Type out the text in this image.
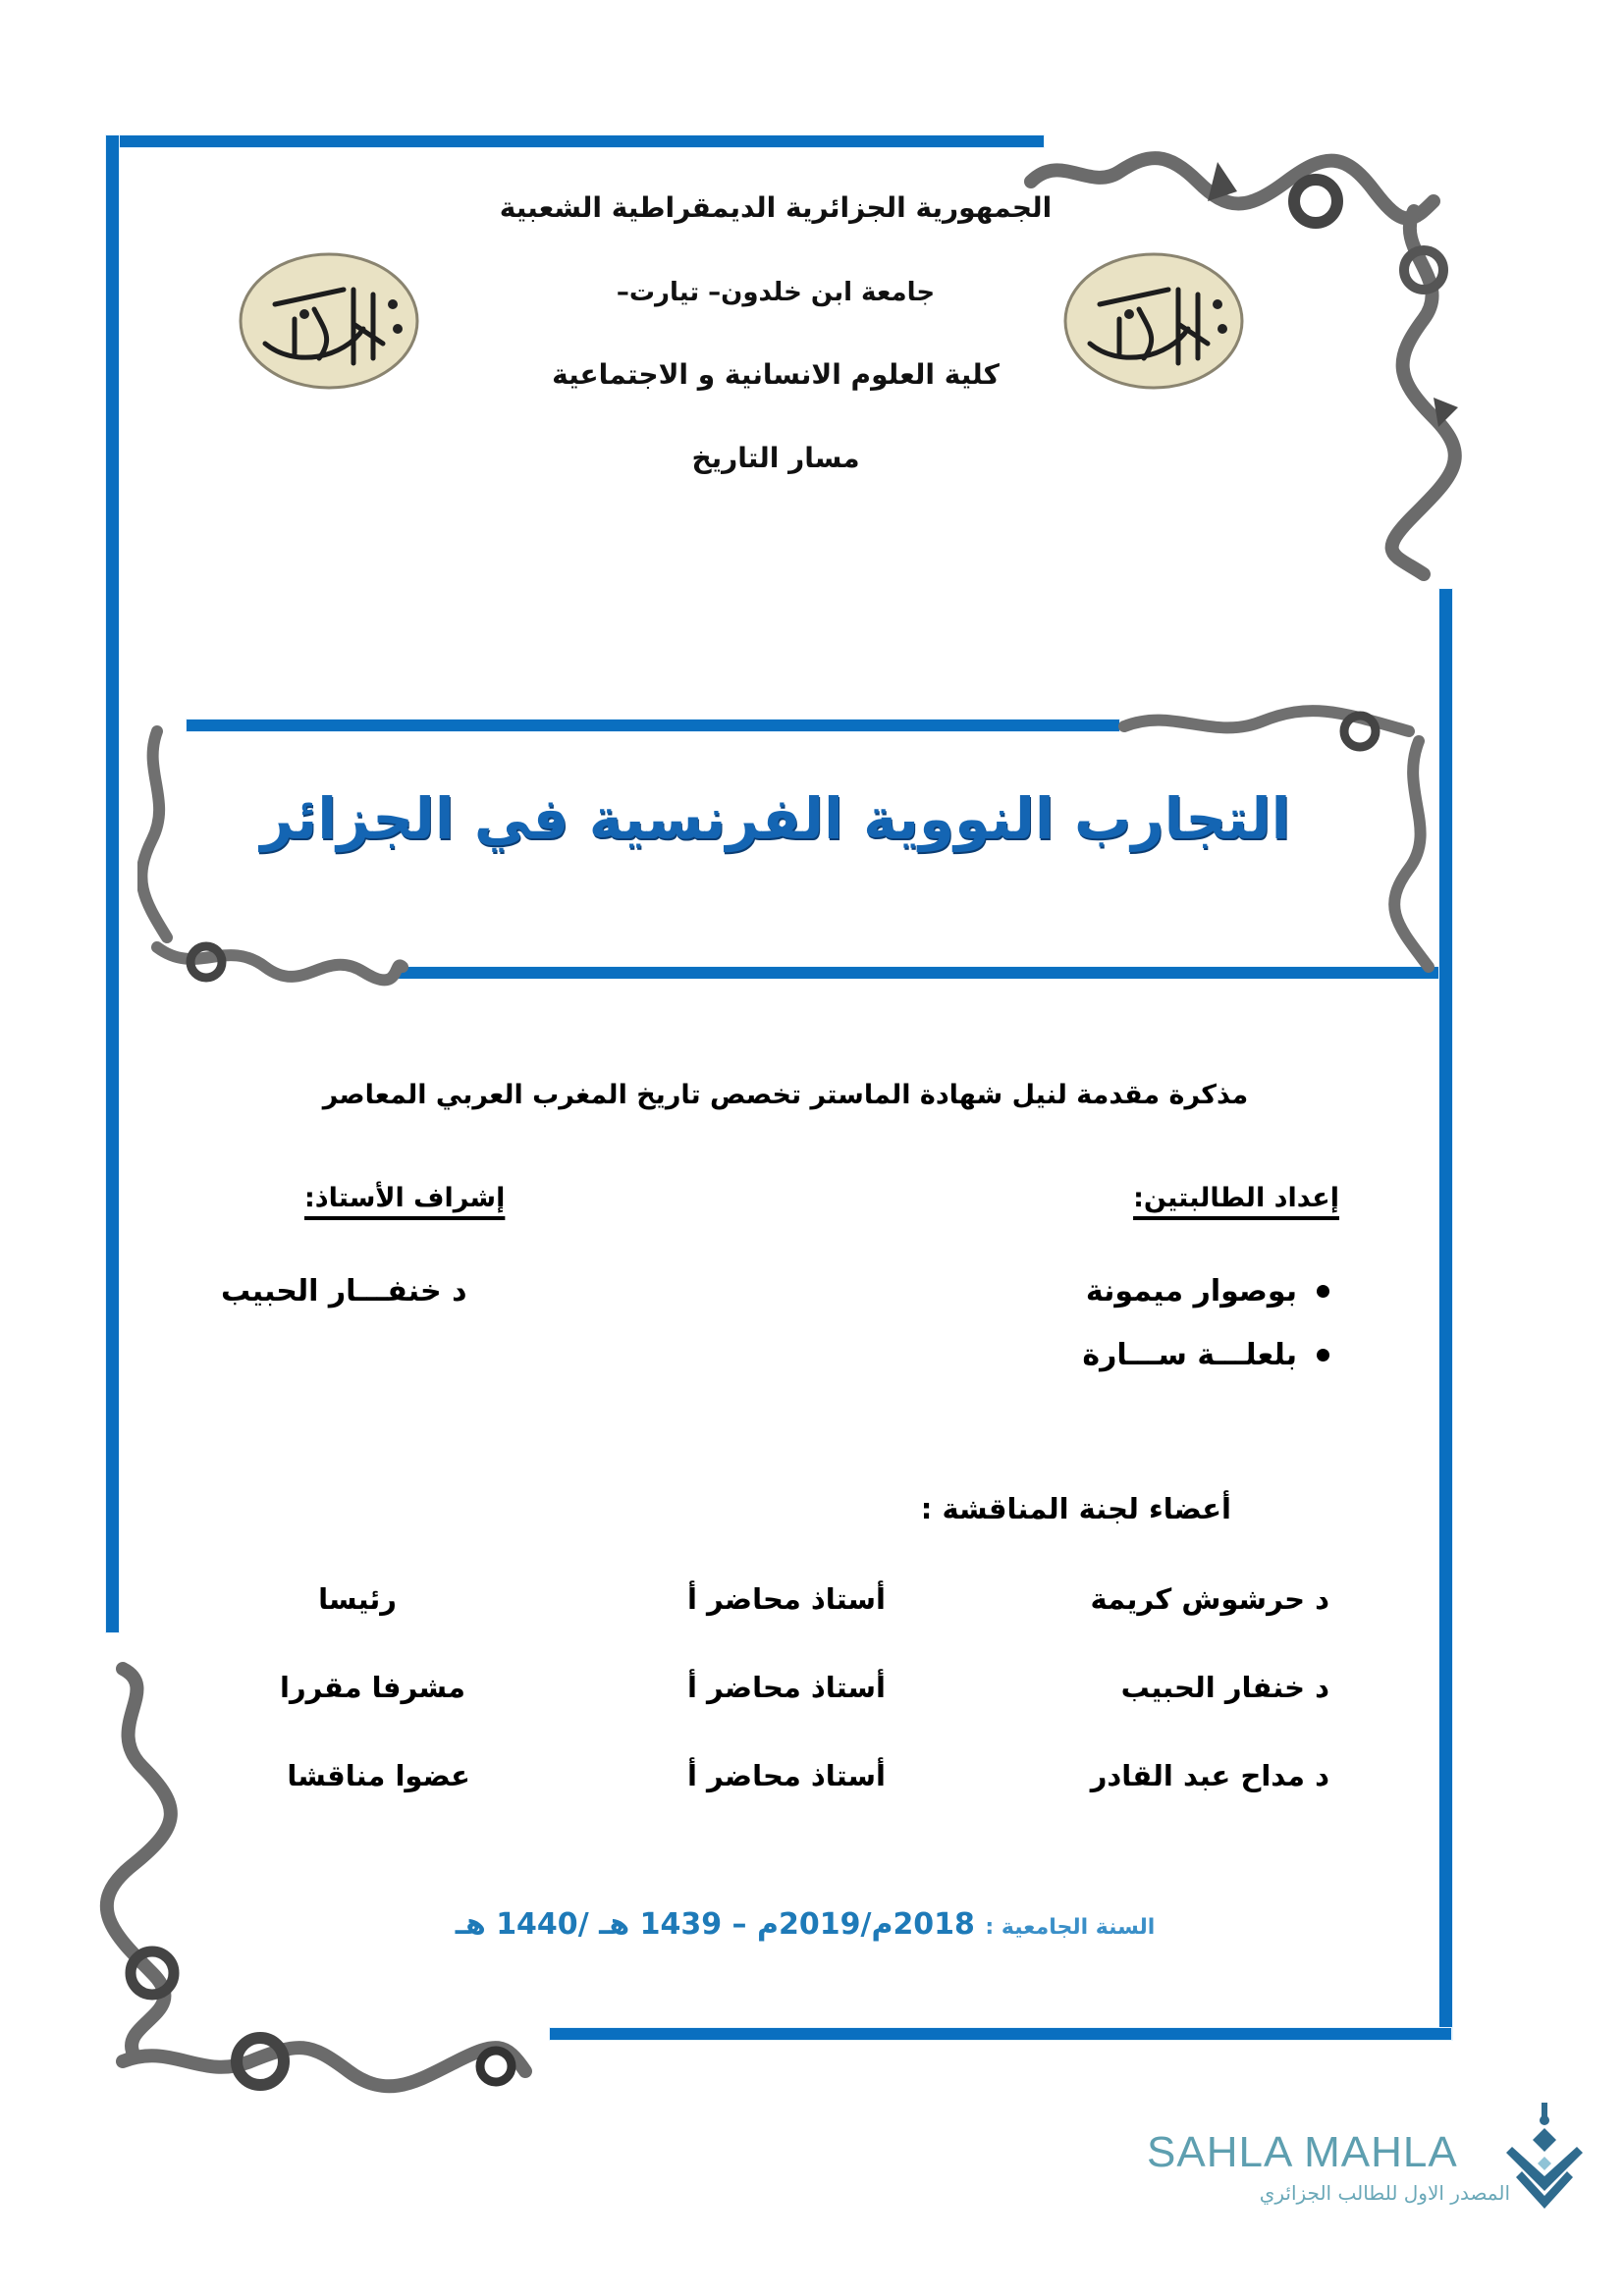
الجمهورية الجزائرية الديمقراطية الشعبية
جامعة ابن خلدون– تيارت–
كلية العلوم الانسانية و الاجتماعية
مسار التاريخ
التجارب النووية الفرنسية في الجزائر
مذكرة مقدمة لنيل شهادة الماستر تخصص تاريخ المغرب العربي المعاصر
إعداد الطالبتين:
إشراف الأستاذ:
بوصوار ميمونة
بلعلـــة ســـارة
د خنفـــار الحبيب
أعضاء لجنة المناقشة :
د حرشوش كريمة
أستاذ محاضر أ
رئيسا
د خنفار الحبيب
أستاذ محاضر أ
مشرفا مقررا
د مداح عبد القادر
أستاذ محاضر أ
عضوا مناقشا
السنة الجامعية : 2018م/2019م – 1439 هـ /1440 هـ
SAHLA MAHLA
المصدر الاول للطالب الجزائري
